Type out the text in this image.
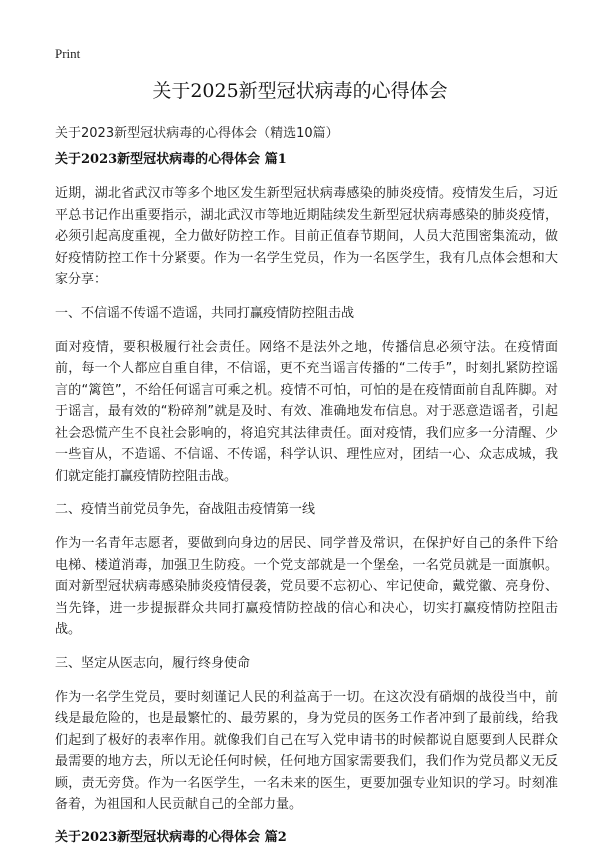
Print
关于2025新型冠状病毒的心得体会

关于2023新型冠状病毒的心得体会（精选10篇）

关于2023新型冠状病毒的心得体会 篇1

近期，湖北省武汉市等多个地区发生新型冠状病毒感染的肺炎疫情。疫情发生后，习近平总书记作出重要指示，湖北武汉市等地近期陆续发生新型冠状病毒感染的肺炎疫情，必须引起高度重视，全力做好防控工作。目前正值春节期间，人员大范围密集流动，做好疫情防控工作十分紧要。作为一名学生党员，作为一名医学生，我有几点体会想和大家分享：

一、不信谣不传谣不造谣，共同打赢疫情防控阻击战

面对疫情，要积极履行社会责任。网络不是法外之地，传播信息必须守法。在疫情面前，每一个人都应自重自律，不信谣，更不充当谣言传播的“二传手”，时刻扎紧防控谣言的“篱笆”，不给任何谣言可乘之机。疫情不可怕，可怕的是在疫情面前自乱阵脚。对于谣言，最有效的“粉碎剂”就是及时、有效、准确地发布信息。对于恶意造谣者，引起社会恐慌产生不良社会影响的，将追究其法律责任。面对疫情，我们应多一分清醒、少一些盲从，不造谣、不信谣、不传谣，科学认识、理性应对，团结一心、众志成城，我们就定能打赢疫情防控阻击战。

二、疫情当前党员争先，奋战阻击疫情第一线

作为一名青年志愿者，要做到向身边的居民、同学普及常识，在保护好自己的条件下给电梯、楼道消毒，加强卫生防疫。一个党支部就是一个堡垒，一名党员就是一面旗帜。面对新型冠状病毒感染肺炎疫情侵袭，党员要不忘初心、牢记使命，戴党徽、亮身份、当先锋，进一步提振群众共同打赢疫情防控战的信心和决心，切实打赢疫情防控阻击战。

三、坚定从医志向，履行终身使命

作为一名学生党员，要时刻谨记人民的利益高于一切。在这次没有硝烟的战役当中，前线是最危险的，也是最繁忙的、最劳累的，身为党员的医务工作者冲到了最前线，给我们起到了极好的表率作用。就像我们自己在写入党申请书的时候都说自愿要到人民群众最需要的地方去，所以无论任何时候，任何地方国家需要我们，我们作为党员都义无反顾，责无旁贷。作为一名医学生，一名未来的医生，更要加强专业知识的学习。时刻准备着，为祖国和人民贡献自己的全部力量。

关于2023新型冠状病毒的心得体会 篇2
